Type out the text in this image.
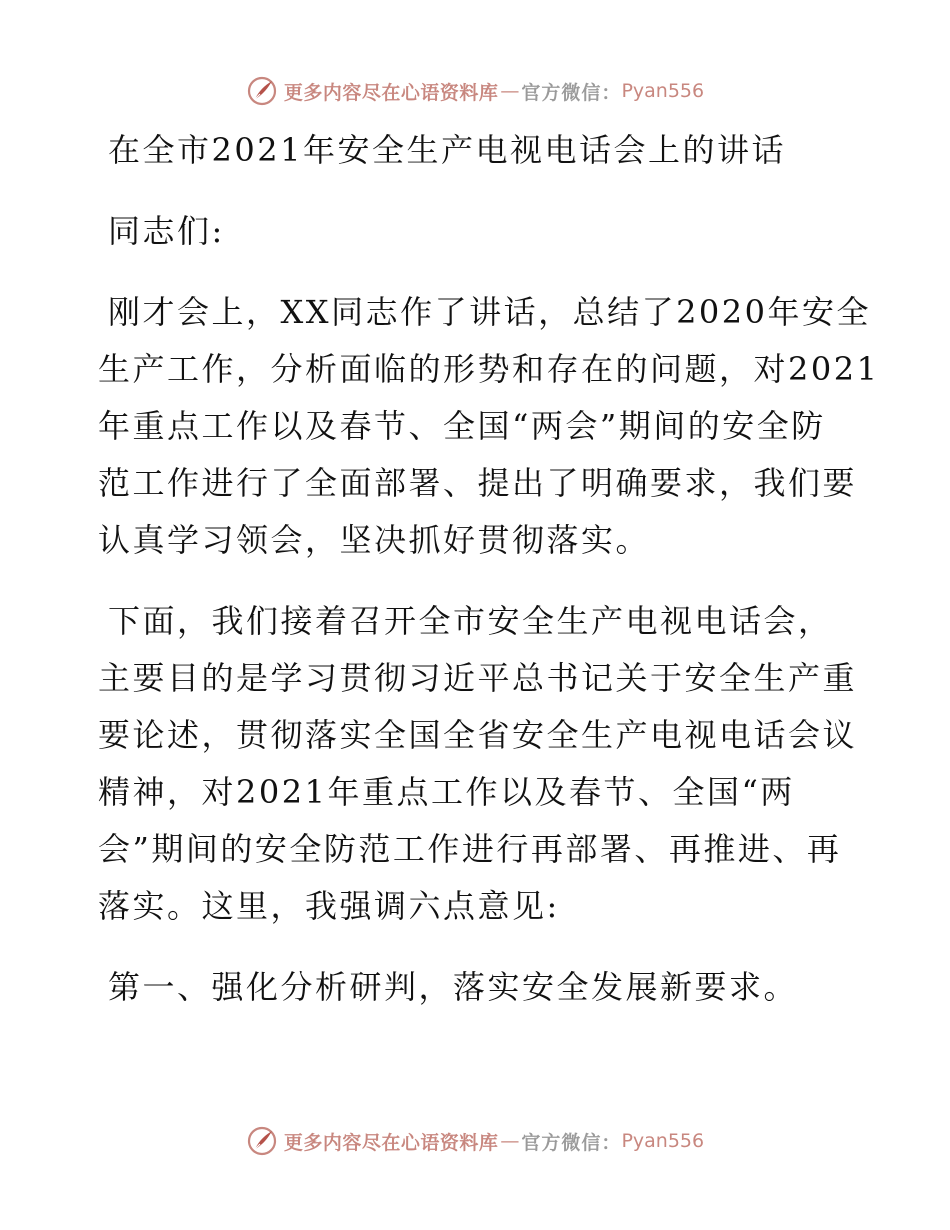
更多内容尽在心语资料库 — 官方微信： Pyan556
在全市2021年安全生产电视电话会上的讲话
同志们:
刚才会上，XX同志作了讲话，总结了2020年安全
生产工作，分析面临的形势和存在的问题，对2021
年重点工作以及春节、全国“两会”期间的安全防
范工作进行了全面部署、提出了明确要求，我们要
认真学习领会，坚决抓好贯彻落实。
下面，我们接着召开全市安全生产电视电话会，
主要目的是学习贯彻习近平总书记关于安全生产重
要论述，贯彻落实全国全省安全生产电视电话会议
精神，对2021年重点工作以及春节、全国“两
会”期间的安全防范工作进行再部署、再推进、再
落实。这里，我强调六点意见:
第一、强化分析研判，落实安全发展新要求。
更多内容尽在心语资料库 — 官方微信： Pyan556
